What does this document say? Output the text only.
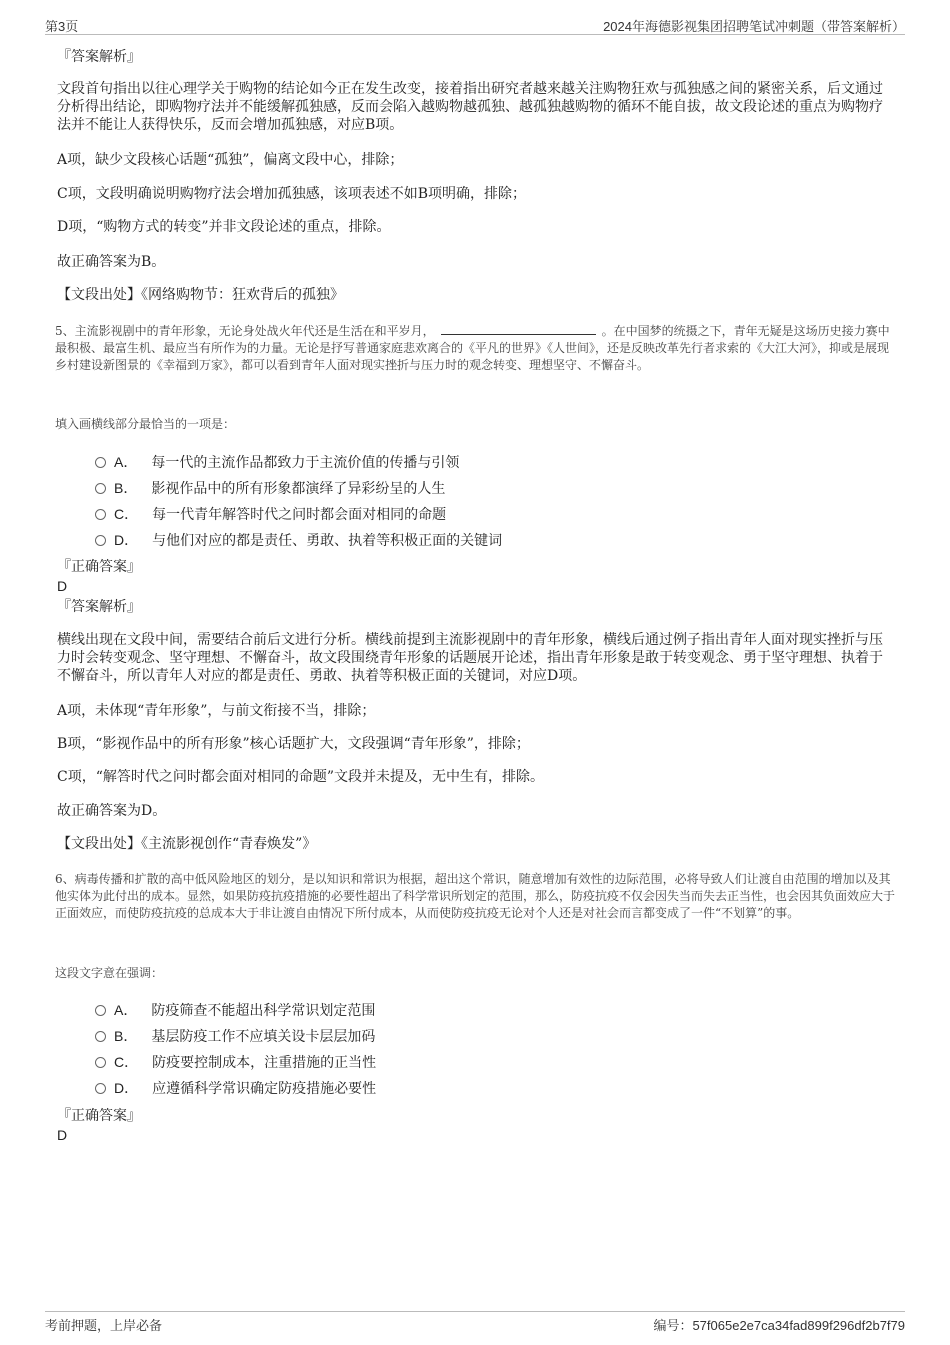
第3页	2024年海德影视集团招聘笔试冲刺题（带答案解析）
『答案解析』
文段首句指出以往心理学关于购物的结论如今正在发生改变，接着指出研究者越来越关注购物狂欢与孤独感之间的紧密关系，后文通过分析得出结论，即购物疗法并不能缓解孤独感，反而会陷入越购物越孤独、越孤独越购物的循环不能自拔，故文段论述的重点为购物疗法并不能让人获得快乐，反而会增加孤独感，对应B项。
A项，缺少文段核心话题“孤独”，偏离文段中心，排除；
C项，文段明确说明购物疗法会增加孤独感，该项表述不如B项明确，排除；
D项，“购物方式的转变”并非文段论述的重点，排除。
故正确答案为B。
【文段出处】《网络购物节：狂欢背后的孤独》
5、主流影视剧中的青年形象，无论身处战火年代还是生活在和平岁月，	。在中国梦的统摄之下，青年无疑是这场历史接力赛中最积极、最富生机、最应当有所作为的力量。无论是抒写普通家庭悲欢离合的《平凡的世界》《人世间》，还是反映改革先行者求索的《大江大河》，抑或是展现乡村建设新图景的《幸福到万家》，都可以看到青年人面对现实挫折与压力时的观念转变、理想坚守、不懈奋斗。
填入画横线部分最恰当的一项是：
A． 每一代的主流作品都致力于主流价值的传播与引领
B． 影视作品中的所有形象都演绎了异彩纷呈的人生
C． 每一代青年解答时代之问时都会面对相同的命题
D． 与他们对应的都是责任、勇敢、执着等积极正面的关键词
『正确答案』
D
『答案解析』
横线出现在文段中间，需要结合前后文进行分析。横线前提到主流影视剧中的青年形象，横线后通过例子指出青年人面对现实挫折与压力时会转变观念、坚守理想、不懈奋斗，故文段围绕青年形象的话题展开论述，指出青年形象是敢于转变观念、勇于坚守理想、执着于不懈奋斗，所以青年人对应的都是责任、勇敢、执着等积极正面的关键词，对应D项。
A项，未体现“青年形象”，与前文衔接不当，排除；
B项，“影视作品中的所有形象”核心话题扩大，文段强调“青年形象”，排除；
C项，“解答时代之问时都会面对相同的命题”文段并未提及，无中生有，排除。
故正确答案为D。
【文段出处】《主流影视创作“青春焕发”》
6、病毒传播和扩散的高中低风险地区的划分，是以知识和常识为根据，超出这个常识，随意增加有效性的边际范围，必将导致人们让渡自由范围的增加以及其他实体为此付出的成本。显然，如果防疫抗疫措施的必要性超出了科学常识所划定的范围，那么，防疫抗疫不仅会因失当而失去正当性，也会因其负面效应大于正面效应，而使防疫抗疫的总成本大于非让渡自由情况下所付成本，从而使防疫抗疫无论对个人还是对社会而言都变成了一件“不划算”的事。
这段文字意在强调：
A． 防疫筛查不能超出科学常识划定范围
B． 基层防疫工作不应填关设卡层层加码
C． 防疫要控制成本，注重措施的正当性
D． 应遵循科学常识确定防疫措施必要性
『正确答案』
D
考前押题，上岸必备	编号：57f065e2e7ca34fad899f296df2b7f79
